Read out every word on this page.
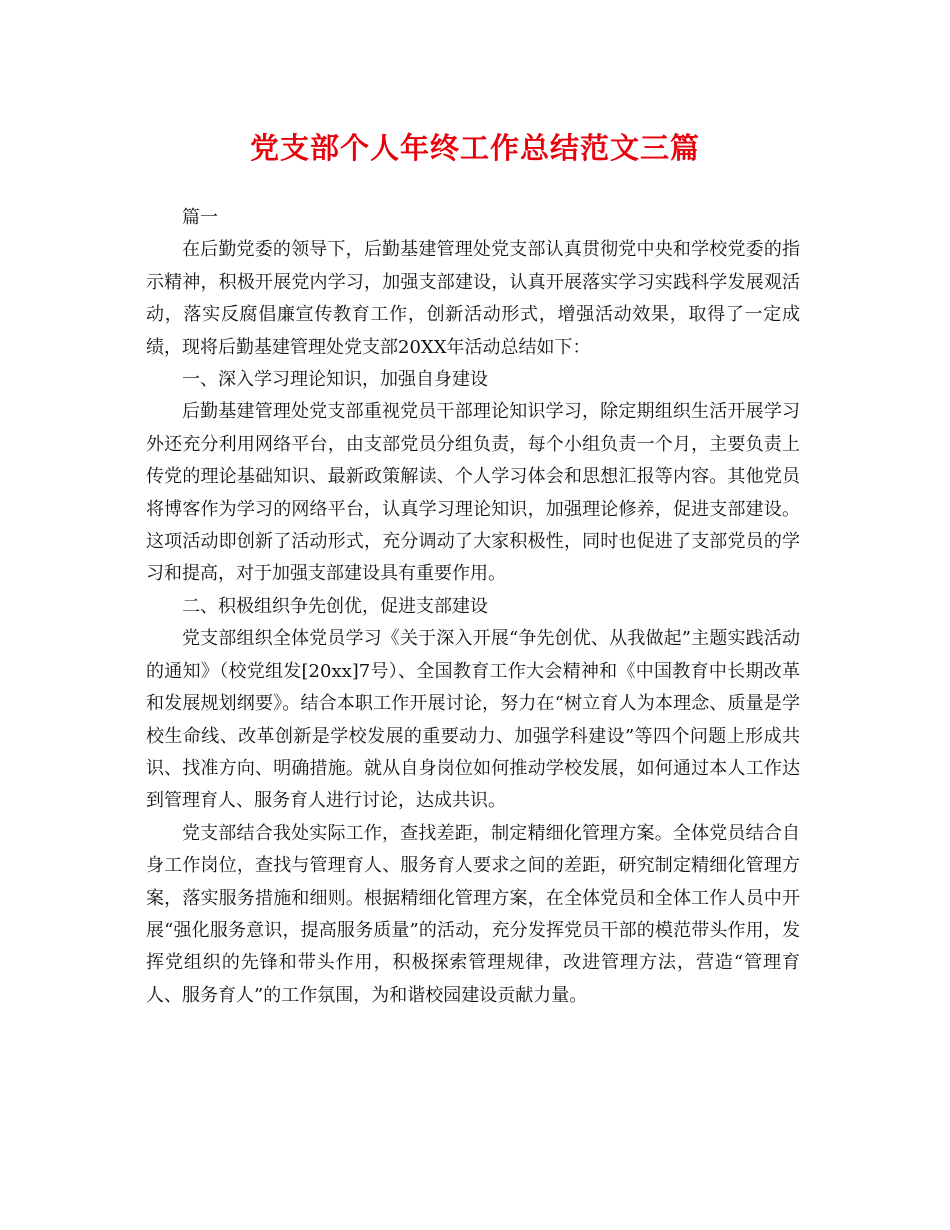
党支部个人年终工作总结范文三篇

篇一

在后勤党委的领导下，后勤基建管理处党支部认真贯彻党中央和学校党委的指示精神，积极开展党内学习，加强支部建设，认真开展落实学习实践科学发展观活动，落实反腐倡廉宣传教育工作，创新活动形式，增强活动效果，取得了一定成绩，现将后勤基建管理处党支部20XX年活动总结如下：

一、深入学习理论知识，加强自身建设

后勤基建管理处党支部重视党员干部理论知识学习，除定期组织生活开展学习外还充分利用网络平台，由支部党员分组负责，每个小组负责一个月，主要负责上传党的理论基础知识、最新政策解读、个人学习体会和思想汇报等内容。其他党员将博客作为学习的网络平台，认真学习理论知识，加强理论修养，促进支部建设。这项活动即创新了活动形式，充分调动了大家积极性，同时也促进了支部党员的学习和提高，对于加强支部建设具有重要作用。

二、积极组织争先创优，促进支部建设

党支部组织全体党员学习《关于深入开展“争先创优、从我做起”主题实践活动的通知》（校党组发[20xx]7号）、全国教育工作大会精神和《中国教育中长期改革和发展规划纲要》。结合本职工作开展讨论，努力在“树立育人为本理念、质量是学校生命线、改革创新是学校发展的重要动力、加强学科建设”等四个问题上形成共识、找准方向、明确措施。就从自身岗位如何推动学校发展，如何通过本人工作达到管理育人、服务育人进行讨论，达成共识。

党支部结合我处实际工作，查找差距，制定精细化管理方案。全体党员结合自身工作岗位，查找与管理育人、服务育人要求之间的差距，研究制定精细化管理方案，落实服务措施和细则。根据精细化管理方案，在全体党员和全体工作人员中开展“强化服务意识，提高服务质量”的活动，充分发挥党员干部的模范带头作用，发挥党组织的先锋和带头作用，积极探索管理规律，改进管理方法，营造“管理育人、服务育人”的工作氛围，为和谐校园建设贡献力量。
